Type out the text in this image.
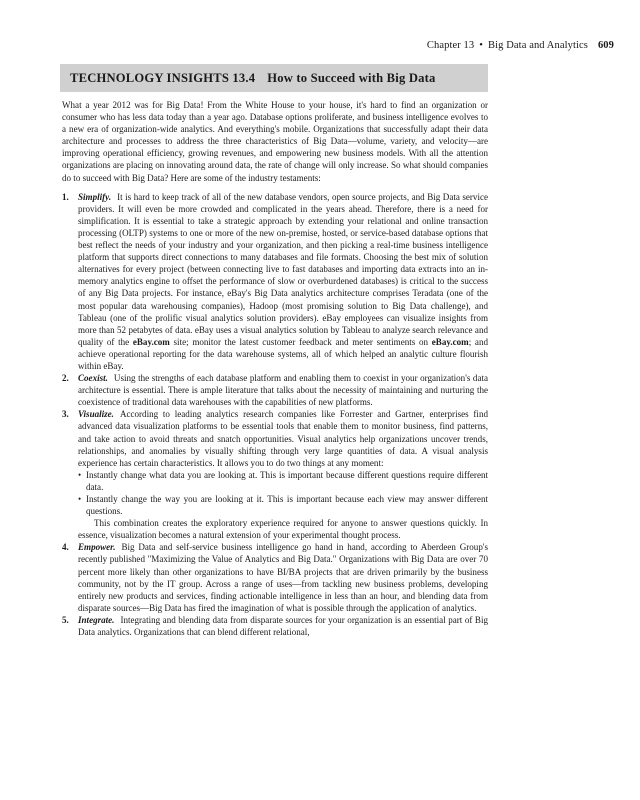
Chapter 13 • Big Data and Analytics 609
TECHNOLOGY INSIGHTS 13.4 How to Succeed with Big Data

What a year 2012 was for Big Data! From the White House to your house, it's hard to find an organization or consumer who has less data today than a year ago. Database options proliferate, and business intelligence evolves to a new era of organization-wide analytics. And everything's mobile. Organizations that successfully adapt their data architecture and processes to address the three characteristics of Big Data—volume, variety, and velocity—are improving operational efficiency, growing revenues, and empowering new business models. With all the attention organizations are placing on innovating around data, the rate of change will only increase. So what should companies do to succeed with Big Data? Here are some of the industry testaments:

1. Simplify. It is hard to keep track of all of the new database vendors, open source projects, and Big Data service providers. It will even be more crowded and complicated in the years ahead. Therefore, there is a need for simplification. It is essential to take a strategic approach by extending your relational and online transaction processing (OLTP) systems to one or more of the new on-premise, hosted, or service-based database options that best reflect the needs of your industry and your organization, and then picking a real-time business intelligence platform that supports direct connections to many databases and file formats. Choosing the best mix of solution alternatives for every project (between connecting live to fast databases and importing data extracts into an in-memory analytics engine to offset the performance of slow or overburdened databases) is critical to the success of any Big Data projects. For instance, eBay's Big Data analytics architecture comprises Teradata (one of the most popular data warehousing companies), Hadoop (most promising solution to Big Data challenge), and Tableau (one of the prolific visual analytics solution providers). eBay employees can visualize insights from more than 52 petabytes of data. eBay uses a visual analytics solution by Tableau to analyze search relevance and quality of the eBay.com site; monitor the latest customer feedback and meter sentiments on eBay.com; and achieve operational reporting for the data warehouse systems, all of which helped an analytic culture flourish within eBay.
2. Coexist. Using the strengths of each database platform and enabling them to coexist in your organization's data architecture is essential. There is ample literature that talks about the necessity of maintaining and nurturing the coexistence of traditional data warehouses with the capabilities of new platforms.
3. Visualize. According to leading analytics research companies like Forrester and Gartner, enterprises find advanced data visualization platforms to be essential tools that enable them to monitor business, find patterns, and take action to avoid threats and snatch opportunities. Visual analytics help organizations uncover trends, relationships, and anomalies by visually shifting through very large quantities of data. A visual analysis experience has certain characteristics. It allows you to do two things at any moment:
• Instantly change what data you are looking at. This is important because different questions require different data.
• Instantly change the way you are looking at it. This is important because each view may answer different questions.

This combination creates the exploratory experience required for anyone to answer questions quickly. In essence, visualization becomes a natural extension of your experimental thought process.

4. Empower. Big Data and self-service business intelligence go hand in hand, according to Aberdeen Group's recently published "Maximizing the Value of Analytics and Big Data." Organizations with Big Data are over 70 percent more likely than other organizations to have BI/BA projects that are driven primarily by the business community, not by the IT group. Across a range of uses—from tackling new business problems, developing entirely new products and services, finding actionable intelligence in less than an hour, and blending data from disparate sources—Big Data has fired the imagination of what is possible through the application of analytics.
5. Integrate. Integrating and blending data from disparate sources for your organization is an essential part of Big Data analytics. Organizations that can blend different relational,
